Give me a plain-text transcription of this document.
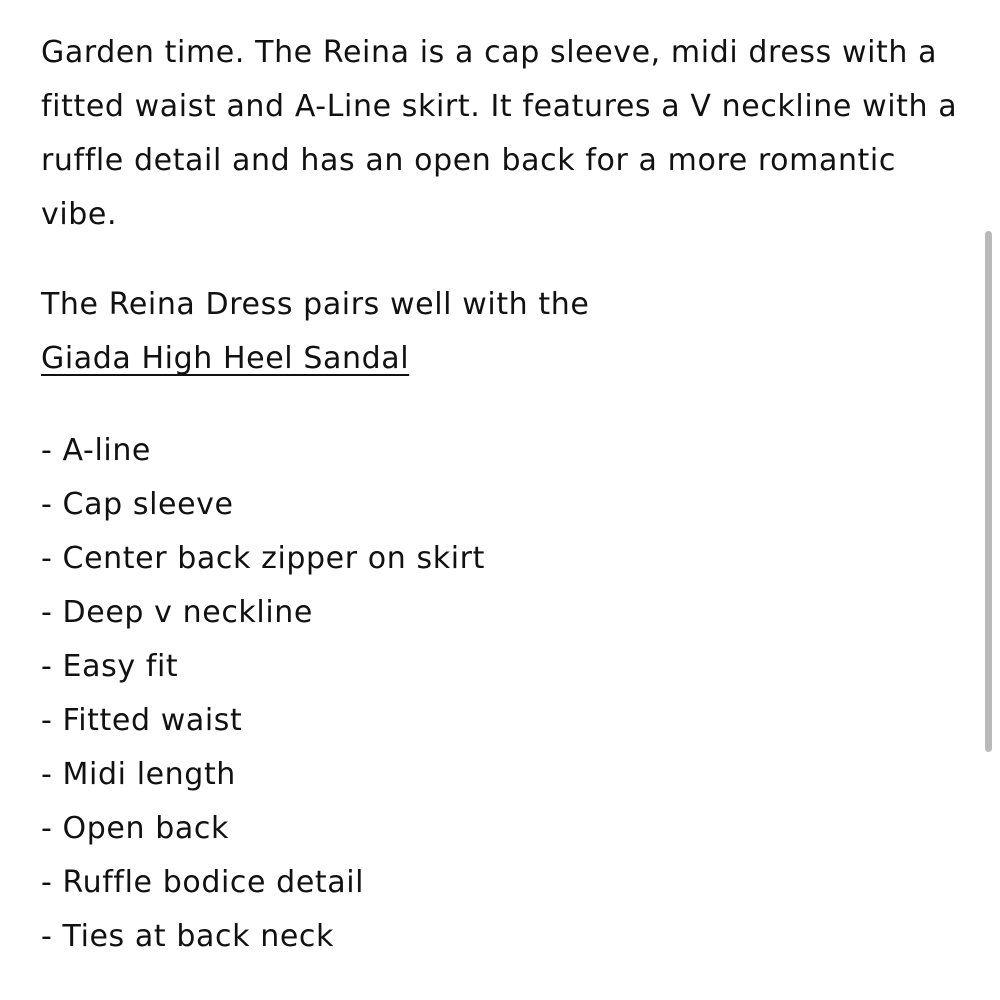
Garden time. The Reina is a cap sleeve, midi dress with a fitted waist and A-Line skirt. It features a V neckline with a ruffle detail and has an open back for a more romantic vibe.

The Reina Dress pairs well with the
Giada High Heel Sandal

- A-line
- Cap sleeve
- Center back zipper on skirt
- Deep v neckline
- Easy fit
- Fitted waist
- Midi length
- Open back
- Ruffle bodice detail
- Ties at back neck
